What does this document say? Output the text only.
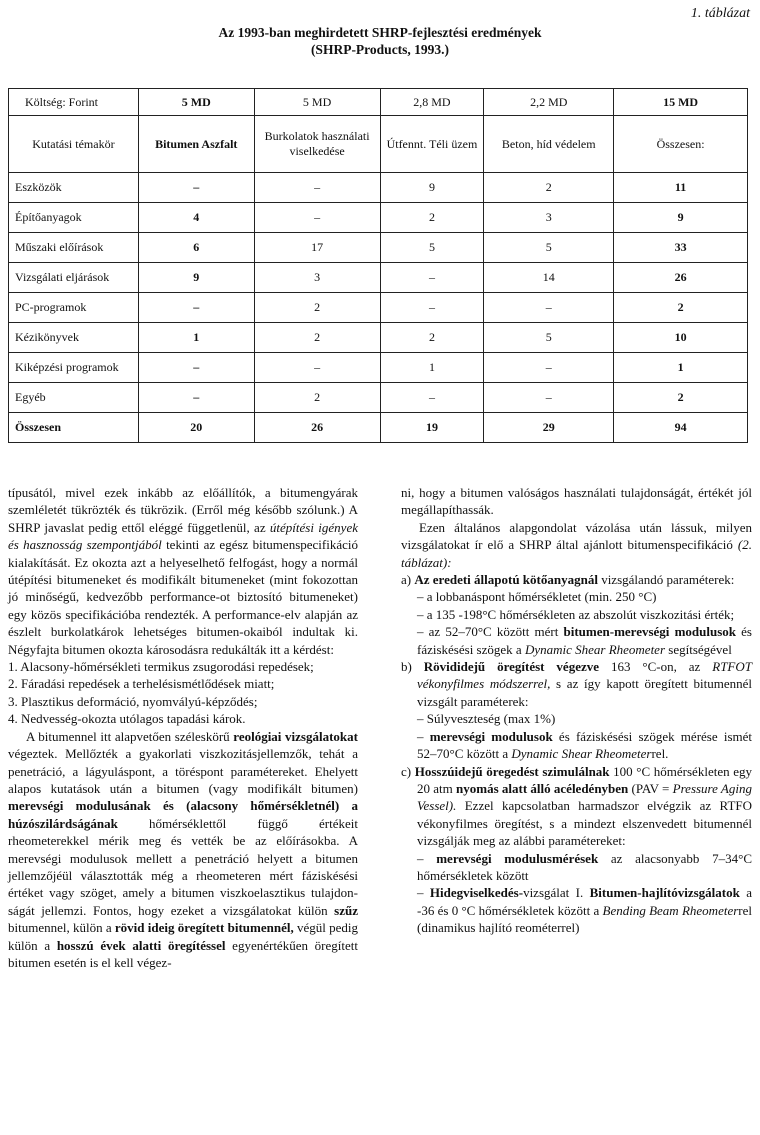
1. táblázat
Az 1993-ban meghirdetett SHRP-fejlesztési eredmények
(SHRP-Products, 1993.)
Költség: Forint	5 MD	5 MD	2,8 MD	2,2 MD	15 MD
Kutatási témakör	Bitumen Aszfalt	Burkolatok használati viselkedése	Útfennt. Téli üzem	Beton, híd védelem	Összesen:
Eszközök	–	–	9	2	11
Építőanyagok	4	–	2	3	9
Műszaki előírások	6	17	5	5	33
Vizsgálati eljárások	9	3	–	14	26
PC-programok	–	2	–	–	2
Kézikönyvek	1	2	2	5	10
Kiképzési programok	–	–	1	–	1
Egyéb	–	2	–	–	2
Összesen	20	26	19	29	94

típusától, mivel ezek inkább az előállítók, a bitumengyárak szemléletét tükrözték és tükrözik. (Erről még később szólunk.) A SHRP javaslat pedig ettől eléggé függetlenül, az útépítési igények és hasznosság szempontjából tekinti az egész bitumenspecifikáció kialakítását. Ez okozta azt a helyeselhető felfogást, hogy a normál útépítési bitumeneket és modifikált bitumeneket (mint fokozottan jó minőségű, kedvezőbb performance-ot biztosító bitumeneket) egy közös specifikációba rendezték. A performance-elv alapján az észlelt burkolatkárok lehetséges bitumen-okaiból indultak ki. Négyfajta bitumen okozta károsodásra redukálták itt a kérdést:

1. Alacsony-hőmérsékleti termikus zsugorodási repedések;

2. Fáradási repedések a terhelésismétlődések miatt;

3. Plasztikus deformáció, nyomvályú-képződés;

4. Nedvesség-okozta utólagos tapadási károk.

A bitumennel itt alapvetően széleskörű reológiai vizsgálatokat végeztek. Mellőzték a gyakorlati viszkozitásjellemzők, tehát a penetráció, a lágyuláspont, a töréspont paramétereket. Ehelyett alapos kutatások után a bitumen (vagy modifikált bitumen) merevségi modulusának és (alacsony hőmérsékletnél) a húzószilárdságának hőmérséklettől függő értékeit rheometerekkel mérik meg és vették be az előírásokba. A merevségi modulusok mellett a penetráció helyett a bitumen jellemzőjéül választották még a rheometeren mért fáziskésési értéket vagy szöget, amely a bitumen viszkoelasztikus tulajdonságát jellemzi. Fontos, hogy ezeket a vizsgálatokat külön szűz bitumennel, külön a rövid ideig öregített bitumennél, végül pedig külön a hosszú évek alatti öregítéssel egyenértékűen öregített bitumen esetén is el kell végez-

ni, hogy a bitumen valóságos használati tulajdonságát, értékét jól megállapíthassák.

Ezen általános alapgondolat vázolása után lássuk, milyen vizsgálatokat ír elő a SHRP által ajánlott bitumenspecifikáció (2. táblázat):

a) Az eredeti állapotú kötőanyagnál vizsgálandó paraméterek:

– a lobbanáspont hőmérsékletet (min. 250 °C)

– a 135 -198°C hőmérsékleten az abszolút viszkozitási érték;

– az 52–70°C között mért bitumen-merevségi modulusok és fáziskésési szögek a Dynamic Shear Rheometer segítségével

b) Rövididejű öregítést végezve 163 °C-on, az RTFOT vékonyfilmes módszerrel, s az így kapott öregített bitumennél vizsgált paraméterek:

– Súlyveszteség (max 1%)

– merevségi modulusok és fáziskésési szögek mérése ismét 52–70°C között a Dynamic Shear Rheometerrel.

c) Hosszúidejű öregedést szimulálnak 100 °C hőmérsékleten egy 20 atm nyomás alatt álló acéledényben (PAV = Pressure Aging Vessel). Ezzel kapcsolatban harmadszor elvégzik az RTFO vékonyfilmes öregítést, s a mindezt elszenvedett bitumennél vizsgálják meg az alábbi paramétereket:

– merevségi modulusmérések az alacsonyabb 7–34°C hőmérsékletek között

– Hidegviselkedés-vizsgálat I. Bitumen-hajlítóvizsgálatok a -36 és 0 °C hőmérsékletek között a Bending Beam Rheometerrel (dinamikus hajlító reométerrel)
